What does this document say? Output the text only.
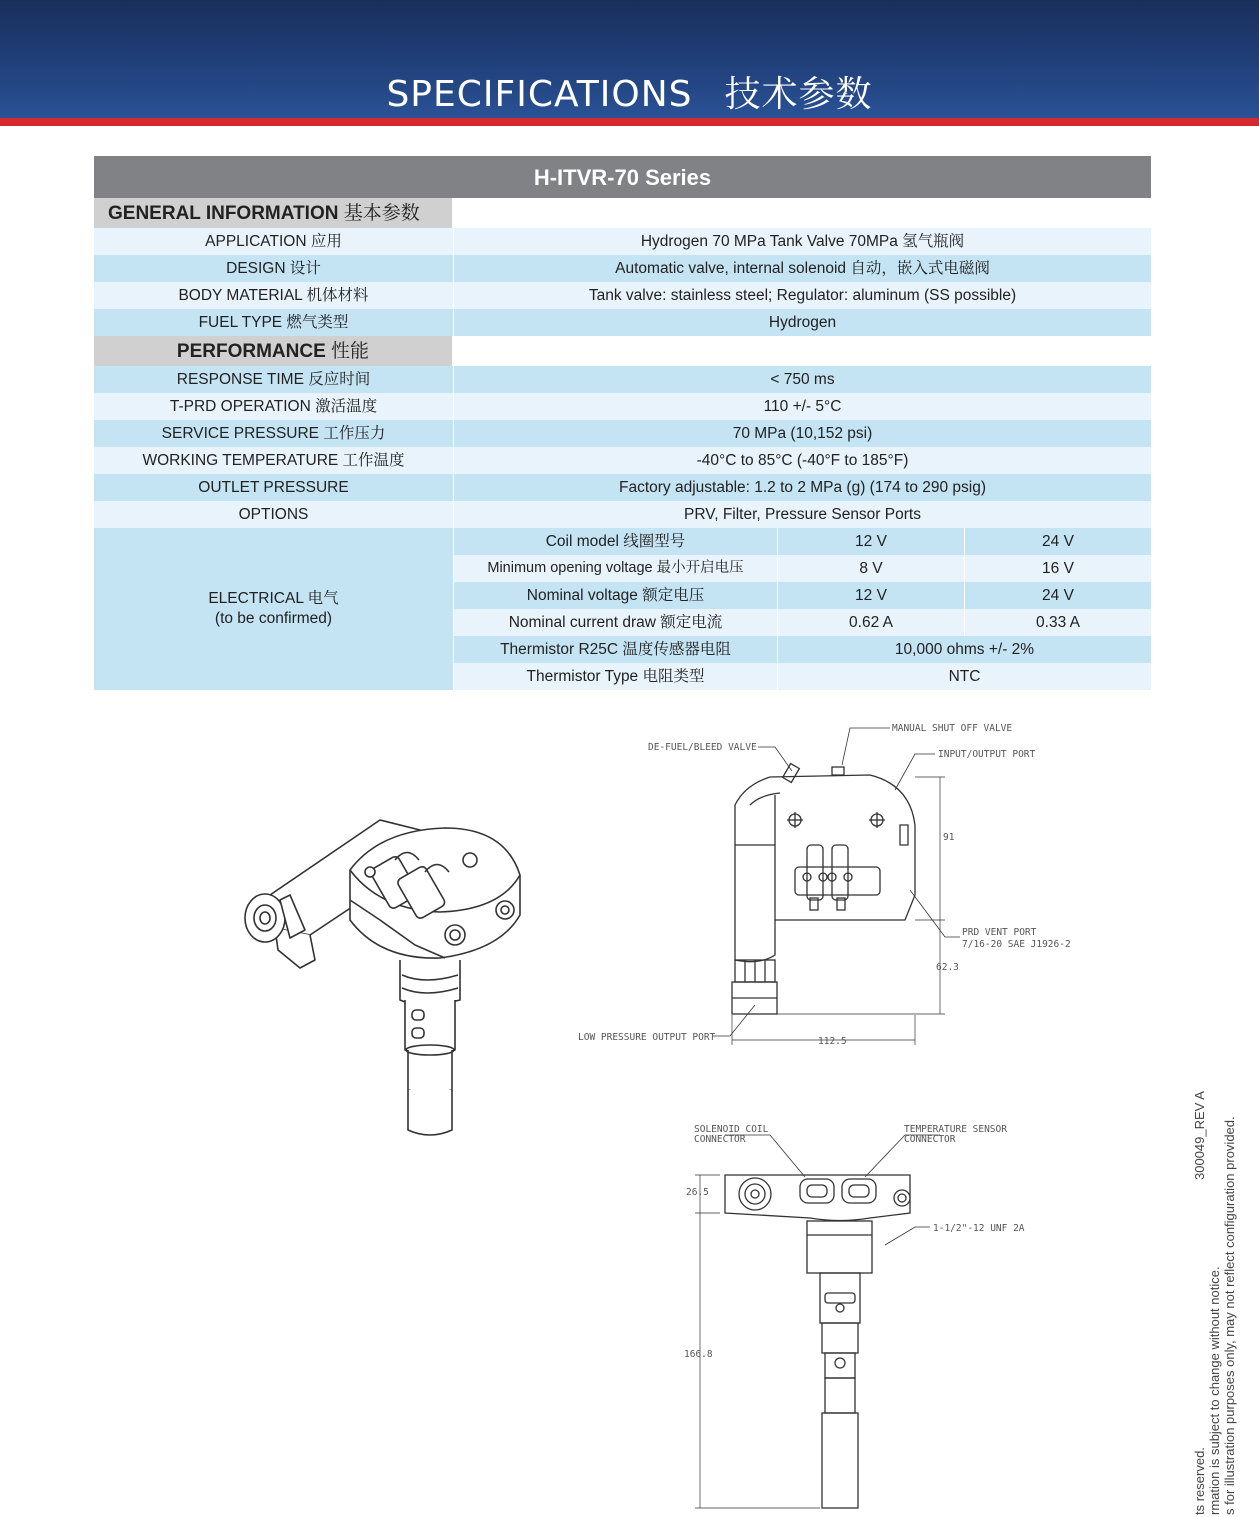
SPECIFICATIONS 技术参数
H-ITVR-70 Series
GENERAL INFORMATION 基本参数
APPLICATION 应用	Hydrogen 70 MPa Tank Valve 70MPa 氢气瓶阀
DESIGN 设计	Automatic valve, internal solenoid 自动，嵌入式电磁阀
BODY MATERIAL 机体材料	Tank valve: stainless steel; Regulator: aluminum (SS possible)
FUEL TYPE 燃气类型	Hydrogen
PERFORMANCE 性能
RESPONSE TIME 反应时间	< 750 ms
T-PRD OPERATION 激活温度	110 +/- 5°C
SERVICE PRESSURE 工作压力	70 MPa (10,152 psi)
WORKING TEMPERATURE 工作温度	-40°C to 85°C (-40°F to 185°F)
OUTLET PRESSURE	Factory adjustable: 1.2 to 2 MPa (g) (174 to 290 psig)
OPTIONS	PRV, Filter, Pressure Sensor Ports
ELECTRICAL 电气
(to be confirmed)
Coil model 线圈型号	12 V	24 V
Minimum opening voltage 最小开启电压	8 V	16 V
Nominal voltage 额定电压	12 V	24 V
Nominal current draw 额定电流	0.62 A	0.33 A
Thermistor R25C 温度传感器电阻	10,000 ohms +/- 2%
Thermistor Type 电阻类型	NTC
MANUAL SHUT OFF VALVE
INPUT/OUTPUT PORT
DE-FUEL/BLEED VALVE
PRD VENT PORT
7/16-20 SAE J1926-2
LOW PRESSURE OUTPUT PORT
91
62.3
112.5
SOLENOID COIL
CONNECTOR
TEMPERATURE SENSOR
CONNECTOR
1-1/2"-12 UNF 2A
26.5
166.8
ts reserved. rmation is subject to change without notice. s for illustration purposes only, may not reflect configuration provided.
300049_REV A
